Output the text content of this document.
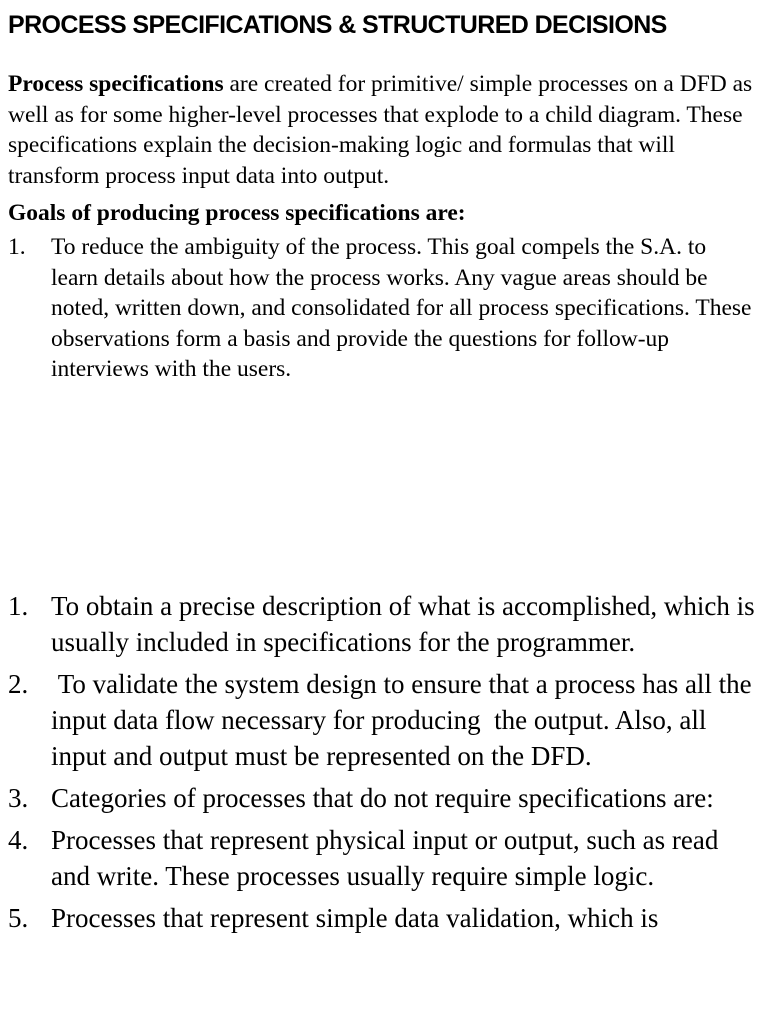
PROCESS SPECIFICATIONS & STRUCTURED DECISIONS

Process specifications are created for primitive/ simple processes on a DFD as well as for some higher-level processes that explode to a child diagram. These specifications explain the decision-making logic and formulas that will transform process input data into output.

Goals of producing process specifications are:

1.	To reduce the ambiguity of the process. This goal compels the S.A. to learn details about how the process works. Any vague areas should be noted, written down, and consolidated for all process specifications. These observations form a basis and provide the questions for follow-up interviews with the users.
1. To obtain a precise description of what is accomplished, which is usually included in specifications for the programmer.
2. To validate the system design to ensure that a process has all the input data flow necessary for producing  the output. Also, all input and output must be represented on the DFD.
3. Categories of processes that do not require specifications are:
4. Processes that represent physical input or output, such as read and write. These processes usually require simple logic.
5. Processes that represent simple data validation, which is
